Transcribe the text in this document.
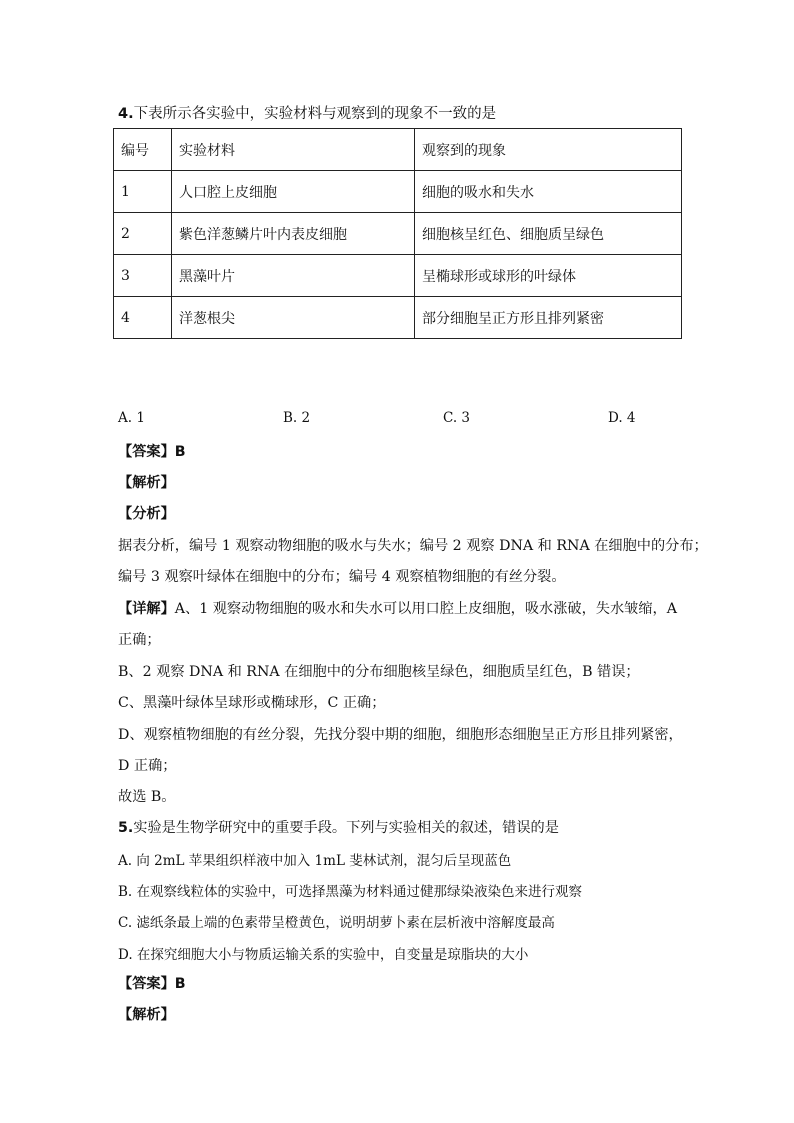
4.下表所示各实验中，实验材料与观察到的现象不一致的是
编号	实验材料	观察到的现象
1	人口腔上皮细胞	细胞的吸水和失水
2	紫色洋葱鳞片叶内表皮细胞	细胞核呈红色、细胞质呈绿色
3	黑藻叶片	呈椭球形或球形的叶绿体
4	洋葱根尖	部分细胞呈正方形且排列紧密
A. 1	B. 2	C. 3	D. 4
【答案】B
【解析】
【分析】
据表分析，编号 1 观察动物细胞的吸水与失水；编号 2 观察 DNA 和 RNA 在细胞中的分布；
编号 3 观察叶绿体在细胞中的分布；编号 4 观察植物细胞的有丝分裂。
【详解】A、1 观察动物细胞的吸水和失水可以用口腔上皮细胞，吸水涨破，失水皱缩，A
正确；
B、2 观察 DNA 和 RNA 在细胞中的分布细胞核呈绿色，细胞质呈红色，B 错误；
C、黑藻叶绿体呈球形或椭球形，C 正确；
D、观察植物细胞的有丝分裂，先找分裂中期的细胞，细胞形态细胞呈正方形且排列紧密，
D 正确；
故选 B。
5.实验是生物学研究中的重要手段。下列与实验相关的叙述，错误的是
A. 向 2mL 苹果组织样液中加入 1mL 斐林试剂，混匀后呈现蓝色
B. 在观察线粒体的实验中，可选择黑藻为材料通过健那绿染液染色来进行观察
C. 滤纸条最上端的色素带呈橙黄色，说明胡萝卜素在层析液中溶解度最高
D. 在探究细胞大小与物质运输关系的实验中，自变量是琼脂块的大小
【答案】B
【解析】
